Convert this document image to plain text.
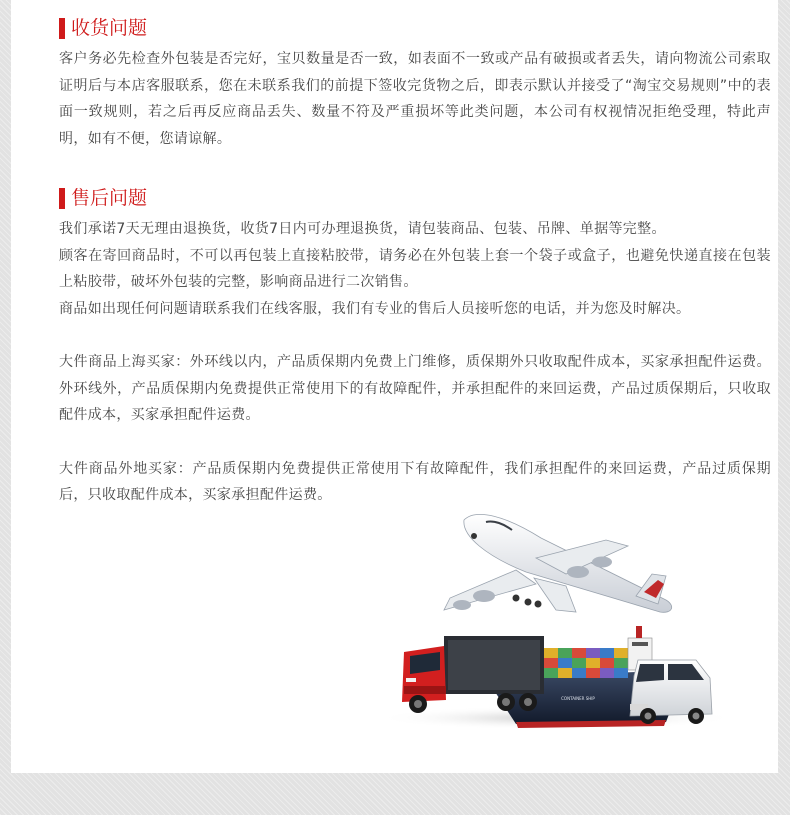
收货问题

客户务必先检查外包装是否完好，宝贝数量是否一致，如表面不一致或产品有破损或者丢失，请向物流公司索取证明后与本店客服联系，您在未联系我们的前提下签收完货物之后，即表示默认并接受了“淘宝交易规则”中的表面一致规则，若之后再反应商品丢失、数量不符及严重损坏等此类问题，本公司有权视情况拒绝受理，特此声明，如有不便，您请谅解。

售后问题

我们承诺7天无理由退换货，收货7日内可办理退换货，请包装商品、包装、吊牌、单据等完整。

顾客在寄回商品时，不可以再包装上直接粘胶带，请务必在外包装上套一个袋子或盒子，也避免快递直接在包装上粘胶带，破坏外包装的完整，影响商品进行二次销售。

商品如出现任何问题请联系我们在线客服，我们有专业的售后人员接听您的电话，并为您及时解决。

大件商品上海买家：外环线以内，产品质保期内免费上门维修，质保期外只收取配件成本，买家承担配件运费。外环线外，产品质保期内免费提供正常使用下的有故障配件，并承担配件的来回运费，产品过质保期后，只收取配件成本，买家承担配件运费。

大件商品外地买家：产品质保期内免费提供正常使用下有故障配件，我们承担配件的来回运费，产品过质保期后，只收取配件成本，买家承担配件运费。

CONTAINER SHIP
